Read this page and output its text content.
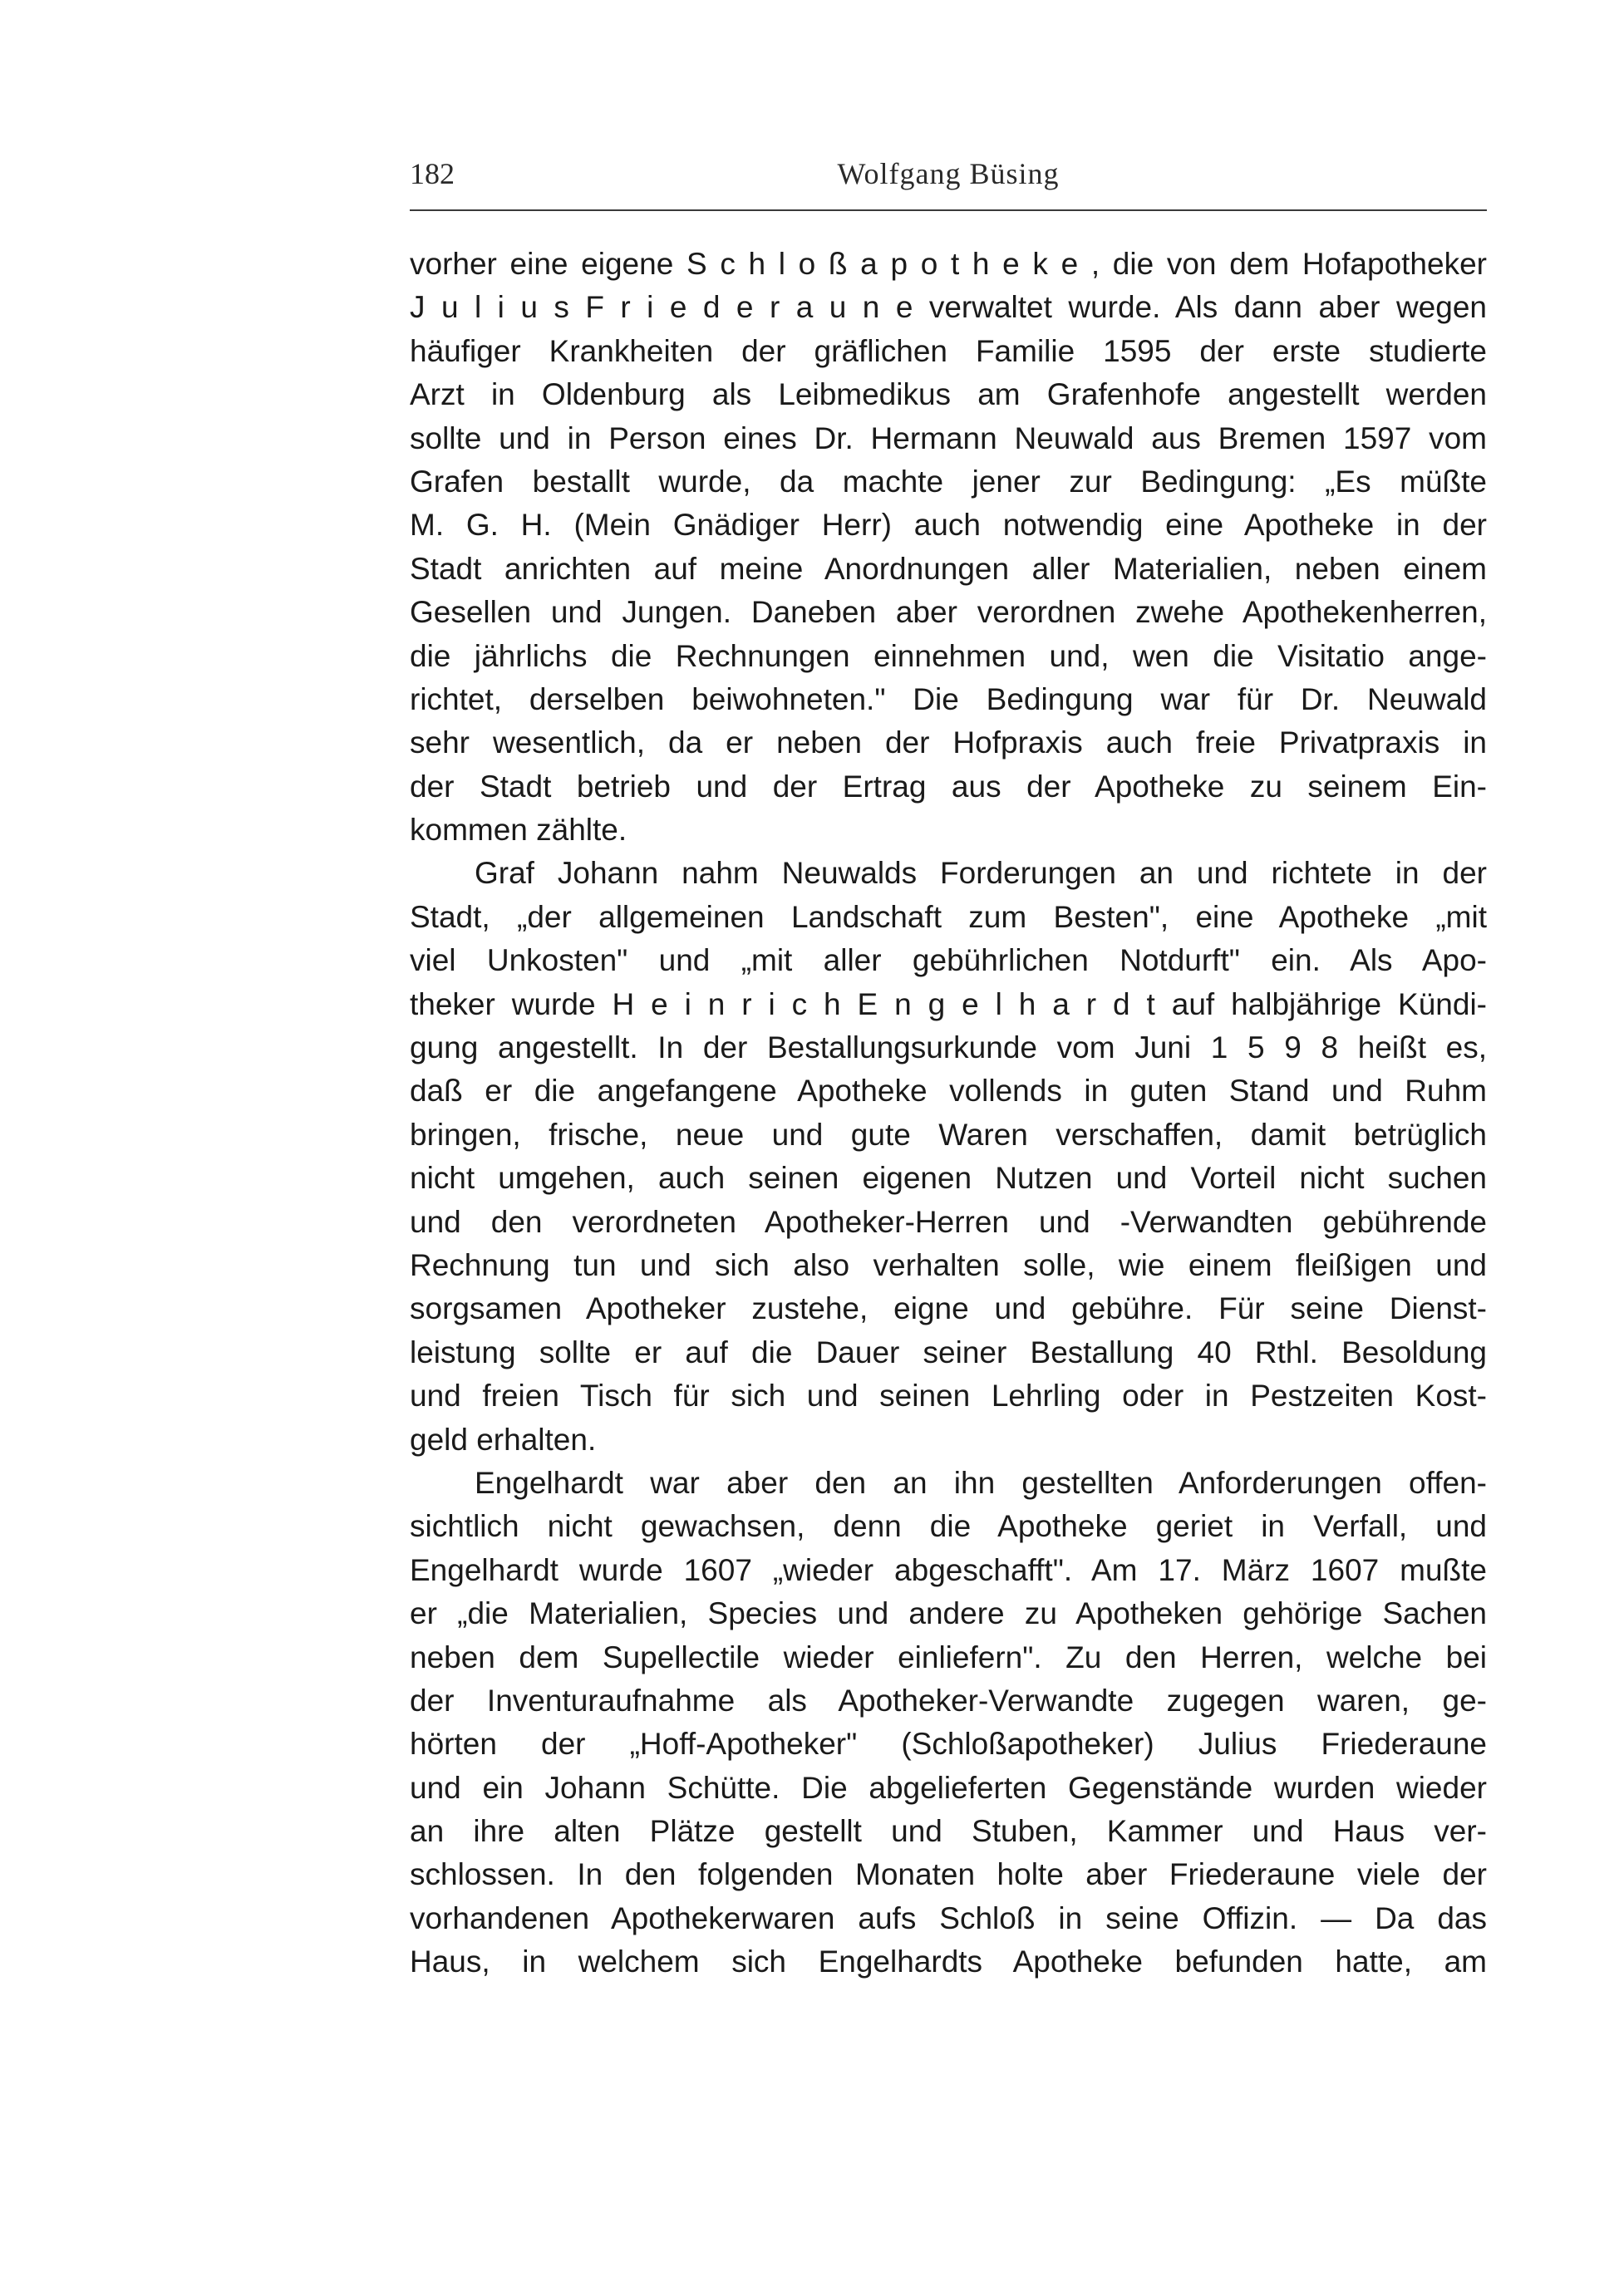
182	Wolfgang Büsing
vorher eine eigene S c h l o ß a p o t h e k e , die von dem Hofapotheker
J u l i u s F r i e d e r a u n e verwaltet wurde. Als dann aber wegen
häufiger Krankheiten der gräflichen Familie 1595 der erste studierte
Arzt in Oldenburg als Leibmedikus am Grafenhofe angestellt werden
sollte und in Person eines Dr. Hermann Neuwald aus Bremen 1597 vom
Grafen bestallt wurde, da machte jener zur Bedingung: „Es müßte
M. G. H. (Mein Gnädiger Herr) auch notwendig eine Apotheke in der
Stadt anrichten auf meine Anordnungen aller Materialien, neben einem
Gesellen und Jungen. Daneben aber verordnen zwehe Apothekenherren,
die jährlichs die Rechnungen einnehmen und, wen die Visitatio ange-
richtet, derselben beiwohneten." Die Bedingung war für Dr. Neuwald
sehr wesentlich, da er neben der Hofpraxis auch freie Privatpraxis in
der Stadt betrieb und der Ertrag aus der Apotheke zu seinem Ein-
kommen zählte.
Graf Johann nahm Neuwalds Forderungen an und richtete in der
Stadt, „der allgemeinen Landschaft zum Besten", eine Apotheke „mit
viel Unkosten" und „mit aller gebührlichen Notdurft" ein. Als Apo-
theker wurde H e i n r i c h E n g e l h a r d t auf halbjährige Kündi-
gung angestellt. In der Bestallungsurkunde vom Juni 1 5 9 8 heißt es,
daß er die angefangene Apotheke vollends in guten Stand und Ruhm
bringen, frische, neue und gute Waren verschaffen, damit betrüglich
nicht umgehen, auch seinen eigenen Nutzen und Vorteil nicht suchen
und den verordneten Apotheker-Herren und -Verwandten gebührende
Rechnung tun und sich also verhalten solle, wie einem fleißigen und
sorgsamen Apotheker zustehe, eigne und gebühre. Für seine Dienst-
leistung sollte er auf die Dauer seiner Bestallung 40 Rthl. Besoldung
und freien Tisch für sich und seinen Lehrling oder in Pestzeiten Kost-
geld erhalten.
Engelhardt war aber den an ihn gestellten Anforderungen offen-
sichtlich nicht gewachsen, denn die Apotheke geriet in Verfall, und
Engelhardt wurde 1607 „wieder abgeschafft". Am 17. März 1607 mußte
er „die Materialien, Species und andere zu Apotheken gehörige Sachen
neben dem Supellectile wieder einliefern". Zu den Herren, welche bei
der Inventuraufnahme als Apotheker-Verwandte zugegen waren, ge-
hörten der „Hoff-Apotheker" (Schloßapotheker) Julius Friederaune
und ein Johann Schütte. Die abgelieferten Gegenstände wurden wieder
an ihre alten Plätze gestellt und Stuben, Kammer und Haus ver-
schlossen. In den folgenden Monaten holte aber Friederaune viele der
vorhandenen Apothekerwaren aufs Schloß in seine Offizin. — Da das
Haus, in welchem sich Engelhardts Apotheke befunden hatte, am
